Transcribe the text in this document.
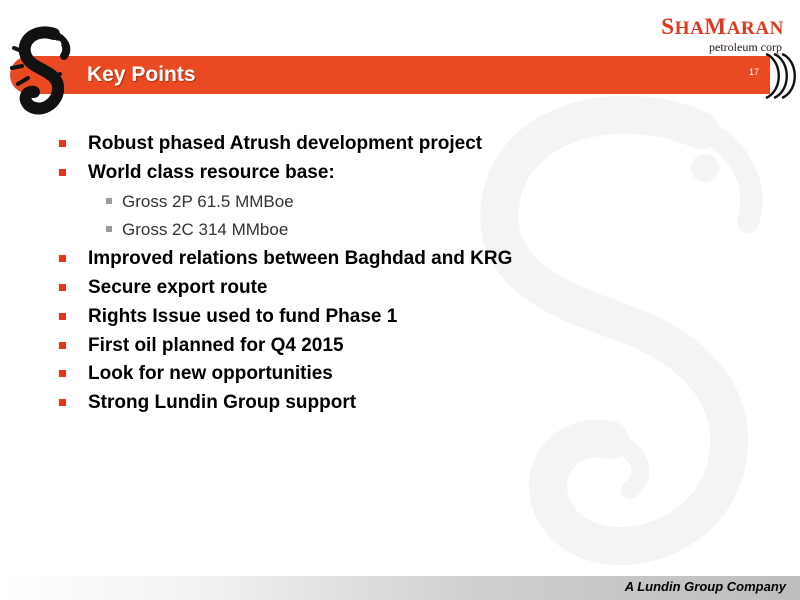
SHAMARAN
petroleum corp
Key Points	17
Robust phased Atrush development project
World class resource base:
Gross 2P 61.5 MMBoe
Gross 2C 314 MMboe
Improved relations between Baghdad and KRG
Secure export route
Rights Issue used to fund Phase 1
First oil planned for Q4 2015
Look for new opportunities
Strong Lundin Group support
A Lundin Group Company
